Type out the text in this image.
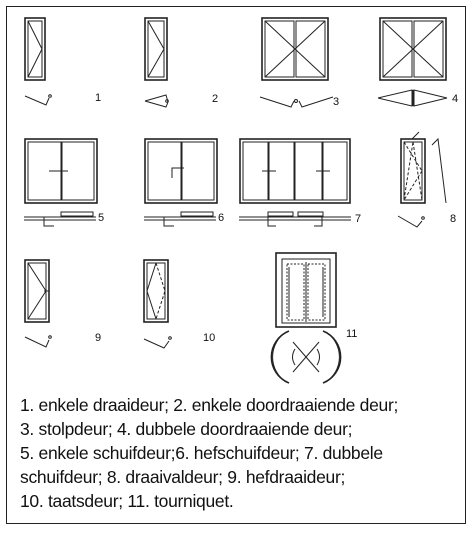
1	2	3	4
5	6	7	8
9	10	11
1. enkele draaideur; 2. enkele doordraaiende deur;
3. stolpdeur; 4. dubbele doordraaiende deur;
5. enkele schuifdeur;6. hefschuifdeur; 7. dubbele
schuifdeur; 8. draaivaldeur; 9. hefdraaideur;
10. taatsdeur; 11. tourniquet.
